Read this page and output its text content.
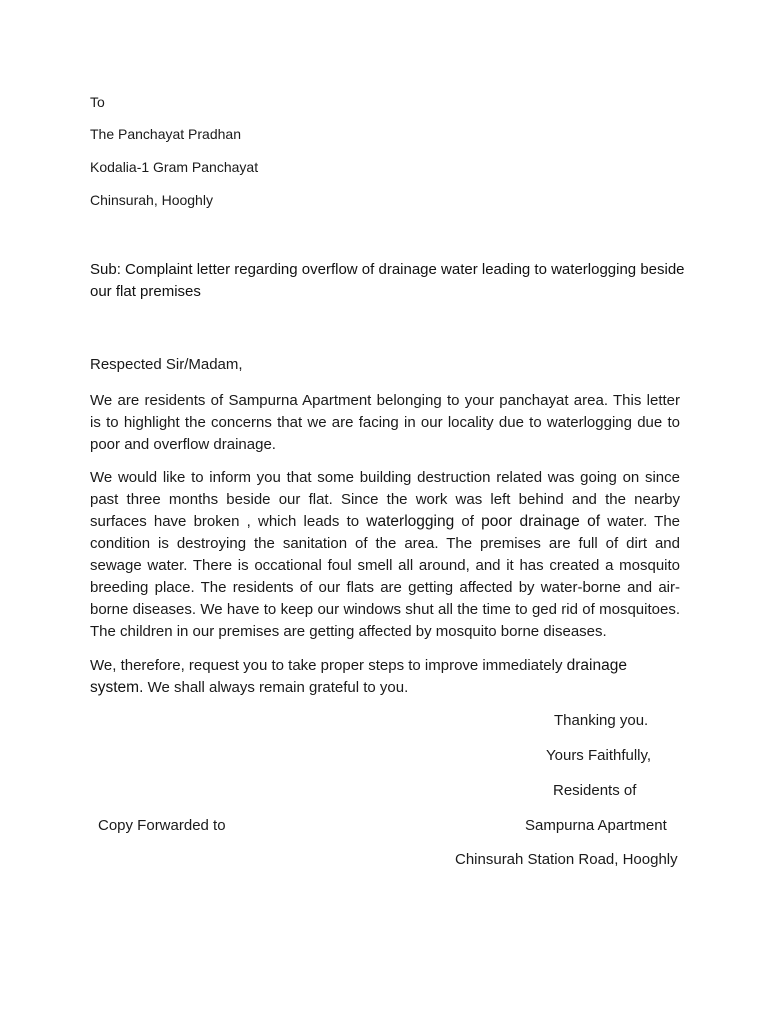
To

The Panchayat Pradhan

Kodalia-1 Gram Panchayat

Chinsurah, Hooghly

Sub: Complaint letter regarding overflow of drainage water leading to waterlogging beside our flat premises

Respected Sir/Madam,

We are residents of Sampurna Apartment belonging to your panchayat area. This letter is to highlight the concerns that we are facing in our locality due to waterlogging due to poor and overflow drainage.

We would like to inform you that some building destruction related was going on since past three months beside our flat. Since the work was left behind and the nearby surfaces have broken , which leads to waterlogging of poor drainage of water. The condition is destroying the sanitation of the area. The premises are full of dirt and sewage water. There is occational foul smell all around, and it has created a mosquito breeding place. The residents of our flats are getting affected by water-borne and air-borne diseases. We have to keep our windows shut all the time to ged rid of mosquitoes. The children in our premises are getting affected by mosquito borne diseases.

We, therefore, request you to take proper steps to improve immediately drainage system. We shall always remain grateful to you.

Thanking you.

Yours Faithfully,

Residents of

Copy Forwarded to	Sampurna Apartment

Chinsurah Station Road, Hooghly
